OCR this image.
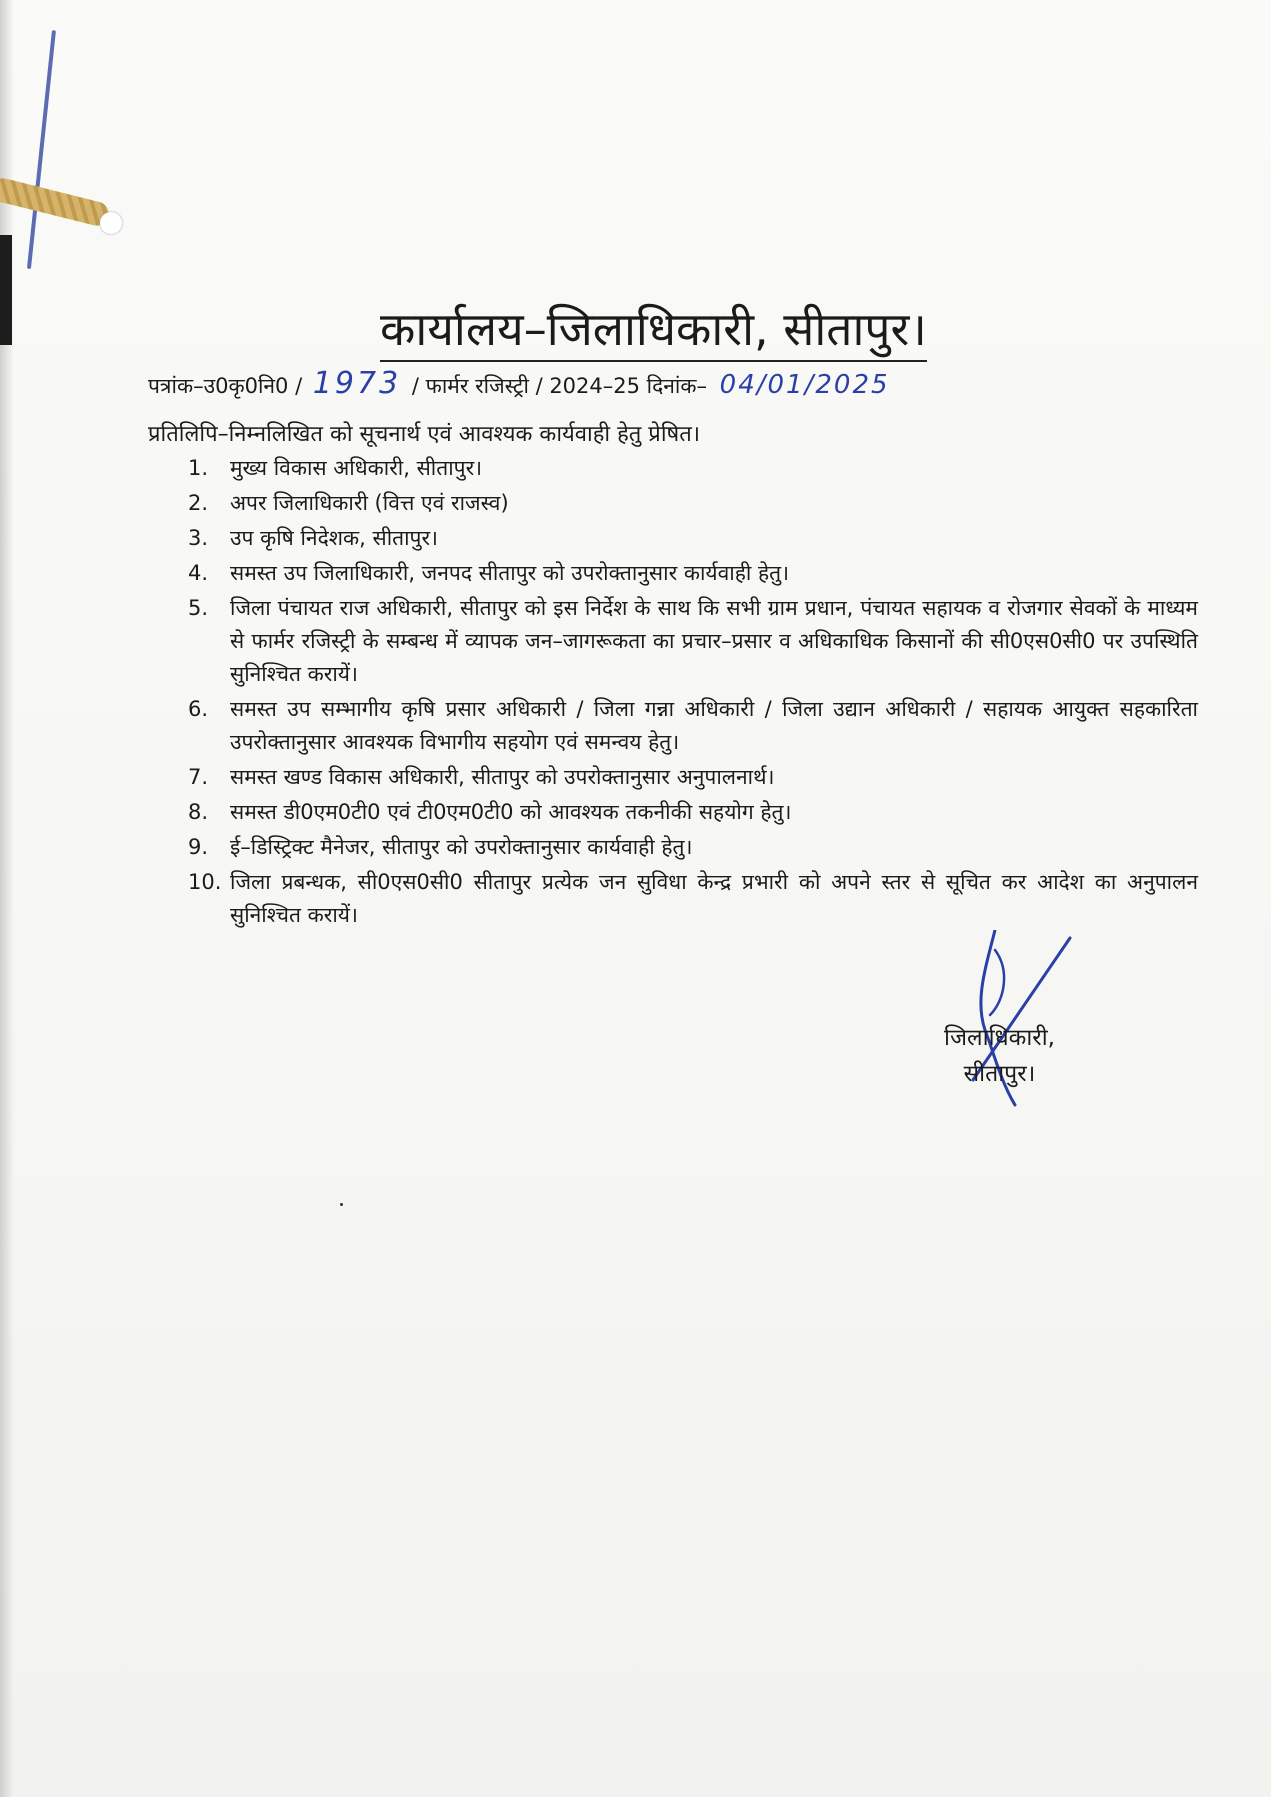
कार्यालय–जिलाधिकारी, सीतापुर।
पत्रांक–उ0कृ0नि0 / 1973 / फार्मर रजिस्ट्री / 2024–25 दिनांक– 04/01/2025
प्रतिलिपि–निम्नलिखित को सूचनार्थ एवं आवश्यक कार्यवाही हेतु प्रेषित।
1.	मुख्य विकास अधिकारी, सीतापुर।
2.	अपर जिलाधिकारी (वित्त एवं राजस्व)
3.	उप कृषि निदेशक, सीतापुर।
4.	समस्त उप जिलाधिकारी, जनपद सीतापुर को उपरोक्तानुसार कार्यवाही हेतु।
5.	जिला पंचायत राज अधिकारी, सीतापुर को इस निर्देश के साथ कि सभी ग्राम प्रधान, पंचायत सहायक व रोजगार सेवकों के माध्यम से फार्मर रजिस्ट्री के सम्बन्ध में व्यापक जन–जागरूकता का प्रचार–प्रसार व अधिकाधिक किसानों की सी0एस0सी0 पर उपस्थिति सुनिश्चित करायें।
6.	समस्त उप सम्भागीय कृषि प्रसार अधिकारी / जिला गन्ना अधिकारी / जिला उद्यान अधिकारी / सहायक आयुक्त सहकारिता उपरोक्तानुसार आवश्यक विभागीय सहयोग एवं समन्वय हेतु।
7.	समस्त खण्ड विकास अधिकारी, सीतापुर को उपरोक्तानुसार अनुपालनार्थ।
8.	समस्त डी0एम0टी0 एवं टी0एम0टी0 को आवश्यक तकनीकी सहयोग हेतु।
9.	ई–डिस्ट्रिक्ट मैनेजर, सीतापुर को उपरोक्तानुसार कार्यवाही हेतु।
10. जिला प्रबन्धक, सी0एस0सी0 सीतापुर प्रत्येक जन सुविधा केन्द्र प्रभारी को अपने स्तर से सूचित कर आदेश का अनुपालन सुनिश्चित करायें।
जिलाधिकारी,
सीतापुर।
